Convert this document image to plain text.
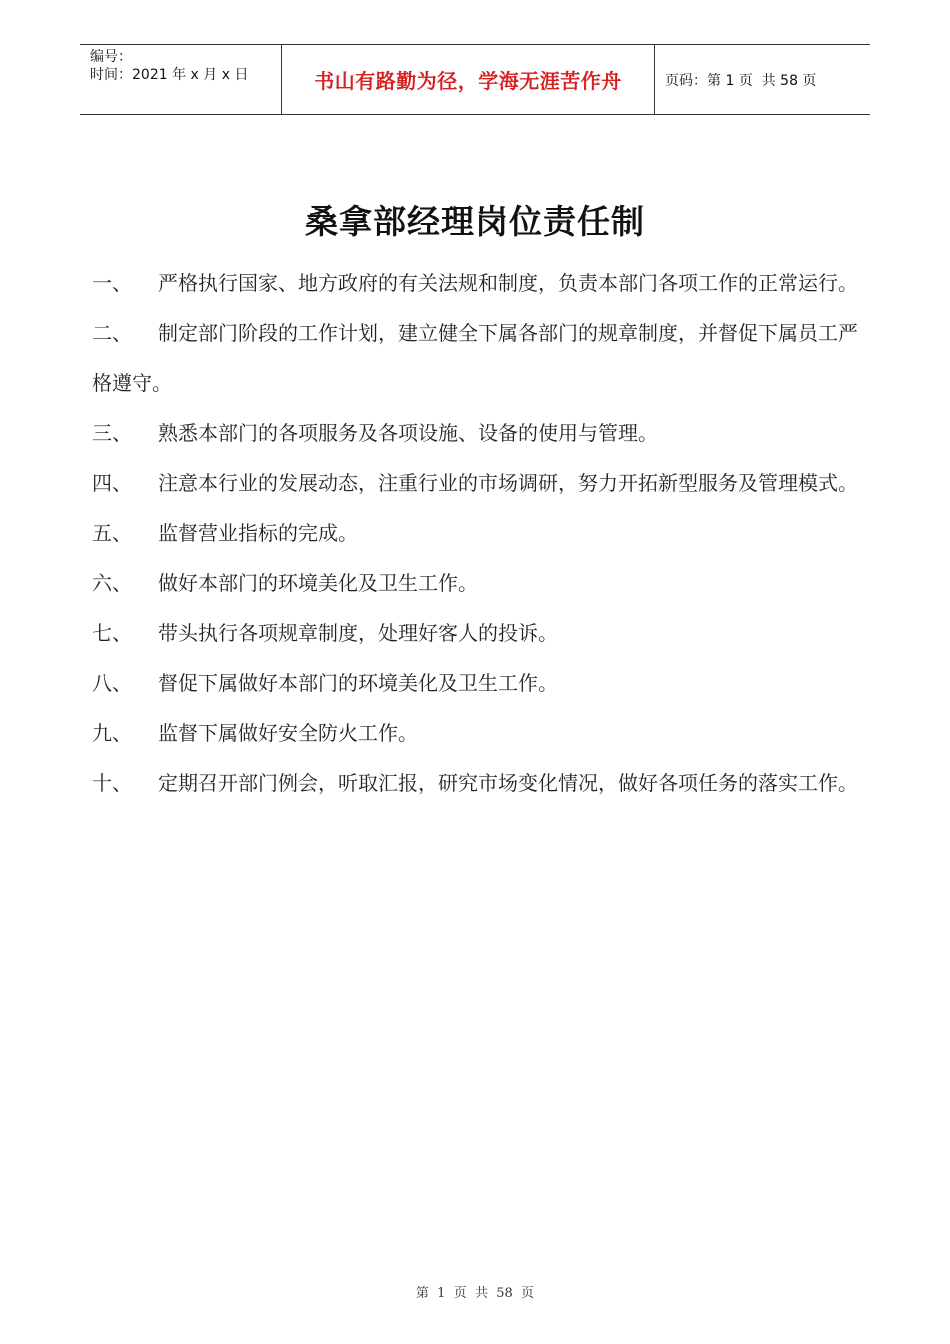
编号：
时间：2021 年 x 月 x 日	书山有路勤为径，学海无涯苦作舟	页码：第 1 页  共 58 页
桑拿部经理岗位责任制

一、 严格执行国家、地方政府的有关法规和制度，负责本部门各项工作的正常运行。

二、 制定部门阶段的工作计划，建立健全下属各部门的规章制度，并督促下属员工严格遵守。

三、 熟悉本部门的各项服务及各项设施、设备的使用与管理。

四、 注意本行业的发展动态，注重行业的市场调研，努力开拓新型服务及管理模式。

五、 监督营业指标的完成。

六、 做好本部门的环境美化及卫生工作。

七、 带头执行各项规章制度，处理好客人的投诉。

八、 督促下属做好本部门的环境美化及卫生工作。

九、 监督下属做好安全防火工作。

十、 定期召开部门例会，听取汇报，研究市场变化情况，做好各项任务的落实工作。

第  1  页  共  58  页
